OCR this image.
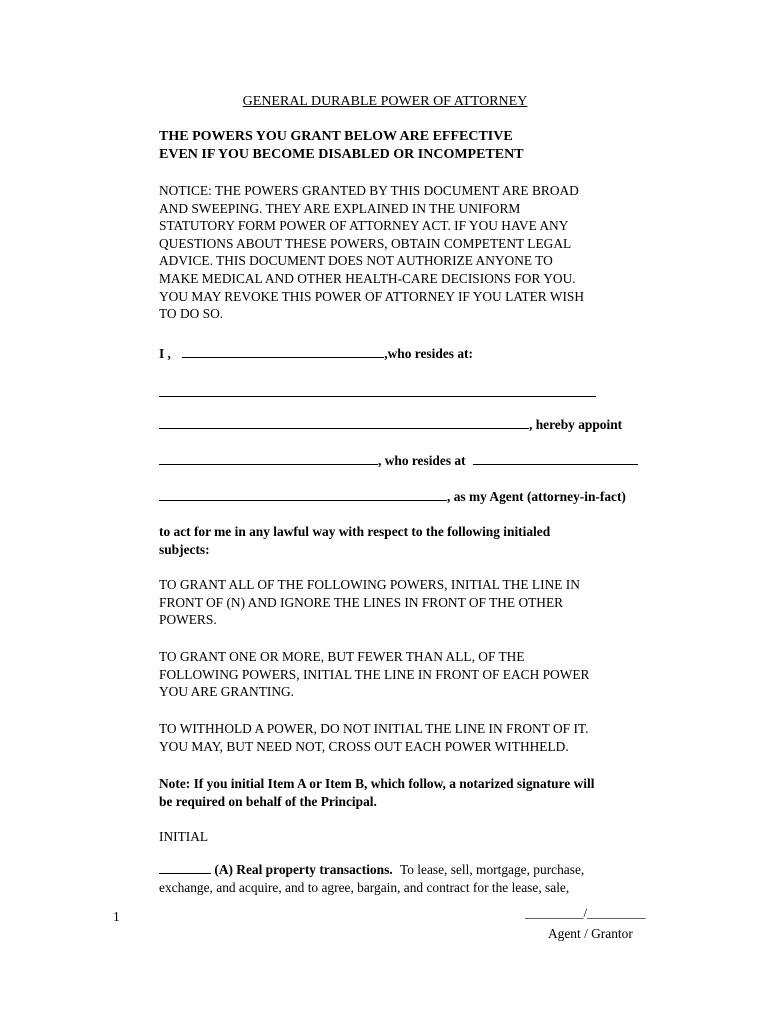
GENERAL DURABLE POWER OF ATTORNEY
THE POWERS YOU GRANT BELOW ARE EFFECTIVE
EVEN IF YOU BECOME DISABLED OR INCOMPETENT
NOTICE: THE POWERS GRANTED BY THIS DOCUMENT ARE BROAD
AND SWEEPING. THEY ARE EXPLAINED IN THE UNIFORM
STATUTORY FORM POWER OF ATTORNEY ACT. IF YOU HAVE ANY
QUESTIONS ABOUT THESE POWERS, OBTAIN COMPETENT LEGAL
ADVICE. THIS DOCUMENT DOES NOT AUTHORIZE ANYONE TO
MAKE MEDICAL AND OTHER HEALTH-CARE DECISIONS FOR YOU.
YOU MAY REVOKE THIS POWER OF ATTORNEY IF YOU LATER WISH
TO DO SO.
I ,	,who resides at:
, hereby appoint
, who resides at
, as my Agent (attorney-in-fact)
to act for me in any lawful way with respect to the following initialed
subjects:
TO GRANT ALL OF THE FOLLOWING POWERS, INITIAL THE LINE IN
FRONT OF (N) AND IGNORE THE LINES IN FRONT OF THE OTHER
POWERS.
TO GRANT ONE OR MORE, BUT FEWER THAN ALL, OF THE
FOLLOWING POWERS, INITIAL THE LINE IN FRONT OF EACH POWER
YOU ARE GRANTING.
TO WITHHOLD A POWER, DO NOT INITIAL THE LINE IN FRONT OF IT.
YOU MAY, BUT NEED NOT, CROSS OUT EACH POWER WITHHELD.
Note: If you initial Item A or Item B, which follow, a notarized signature will
be required on behalf of the Principal.
INITIAL
(A) Real property transactions. To lease, sell, mortgage, purchase,
exchange, and acquire, and to agree, bargain, and contract for the lease, sale,
1	_________/_________
Agent / Grantor
